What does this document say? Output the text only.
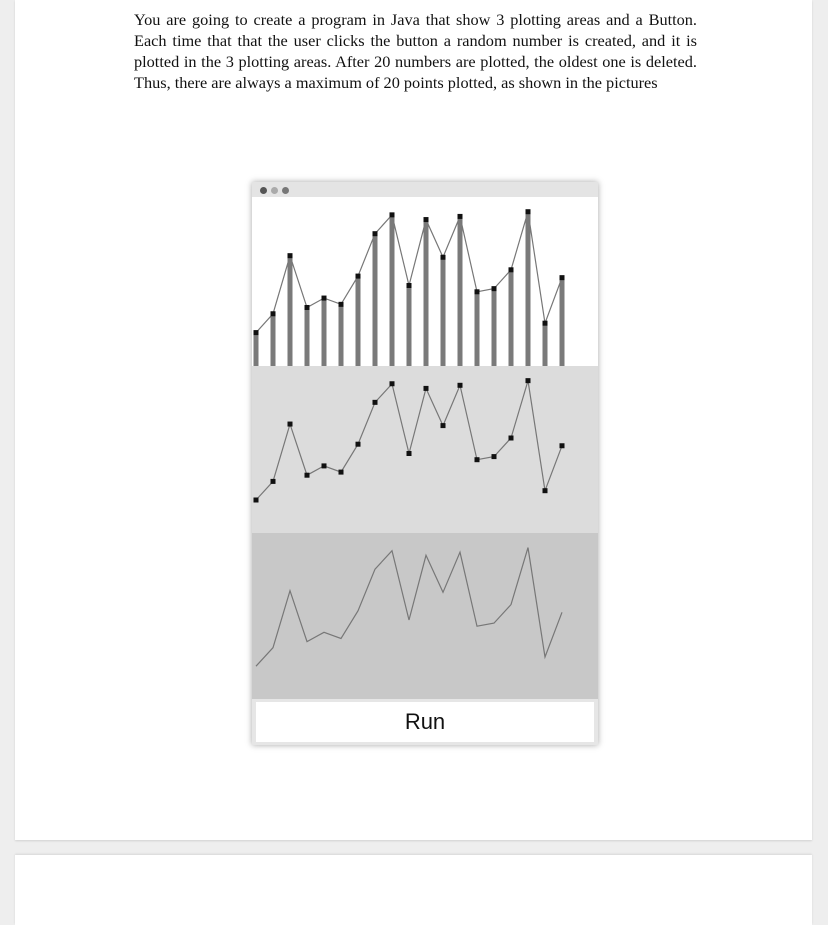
You are going to create a program in Java that show 3 plotting areas and a Button. Each time that that the user clicks the button a random number is created, and it is plotted in the 3 plotting areas. After 20 numbers are plotted, the oldest one is deleted. Thus, there are always a maximum of 20 points plotted, as shown in the pictures

Run
